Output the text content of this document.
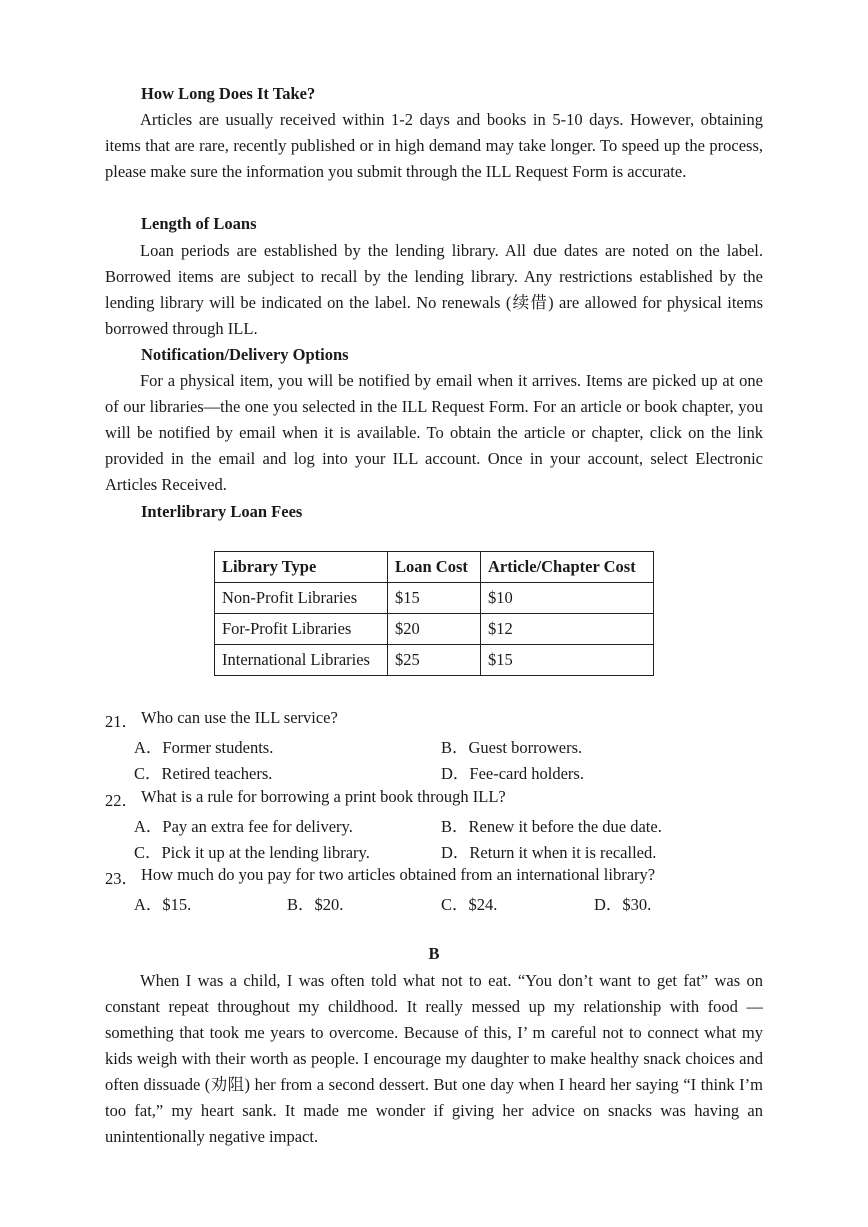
How Long Does It Take?

Articles are usually received within 1-2 days and books in 5-10 days. However, obtaining items that are rare, recently published or in high demand may take longer. To speed up the process, please make sure the information you submit through the ILL Request Form is accurate.

Length of Loans

Loan periods are established by the lending library. All due dates are noted on the label. Borrowed items are subject to recall by the lending library. Any restrictions established by the lending library will be indicated on the label. No renewals (续借) are allowed for physical items borrowed through ILL.

Notification/Delivery Options

For a physical item, you will be notified by email when it arrives. Items are picked up at one of our libraries—the one you selected in the ILL Request Form. For an article or book chapter, you will be notified by email when it is available. To obtain the article or chapter, click on the link provided in the email and log into your ILL account. Once in your account, select Electronic Articles Received.

Interlibrary Loan Fees
Library Type	Loan Cost	Article/Chapter Cost
Non-Profit Libraries	$15	$10
For-Profit Libraries	$20	$12
International Libraries	$25	$15
21． Who can use the ILL service?
A．Former students.	B．Guest borrowers.
C．Retired teachers.	D．Fee-card holders.
22． What is a rule for borrowing a print book through ILL?
A．Pay an extra fee for delivery.	B．Renew it before the due date.
C．Pick it up at the lending library.	D．Return it when it is recalled.
23． How much do you pay for two articles obtained from an international library?
A．$15.	B．$20.	C．$24.	D．$30.
B

When I was a child, I was often told what not to eat. “You don’t want to get fat” was on constant repeat throughout my childhood. It really messed up my relationship with food — something that took me years to overcome. Because of this, I’ m careful not to connect what my kids weigh with their worth as people. I encourage my daughter to make healthy snack choices and often dissuade (劝阻) her from a second dessert. But one day when I heard her saying “I think I’m too fat,” my heart sank. It made me wonder if giving her advice on snacks was having an unintentionally negative impact.
